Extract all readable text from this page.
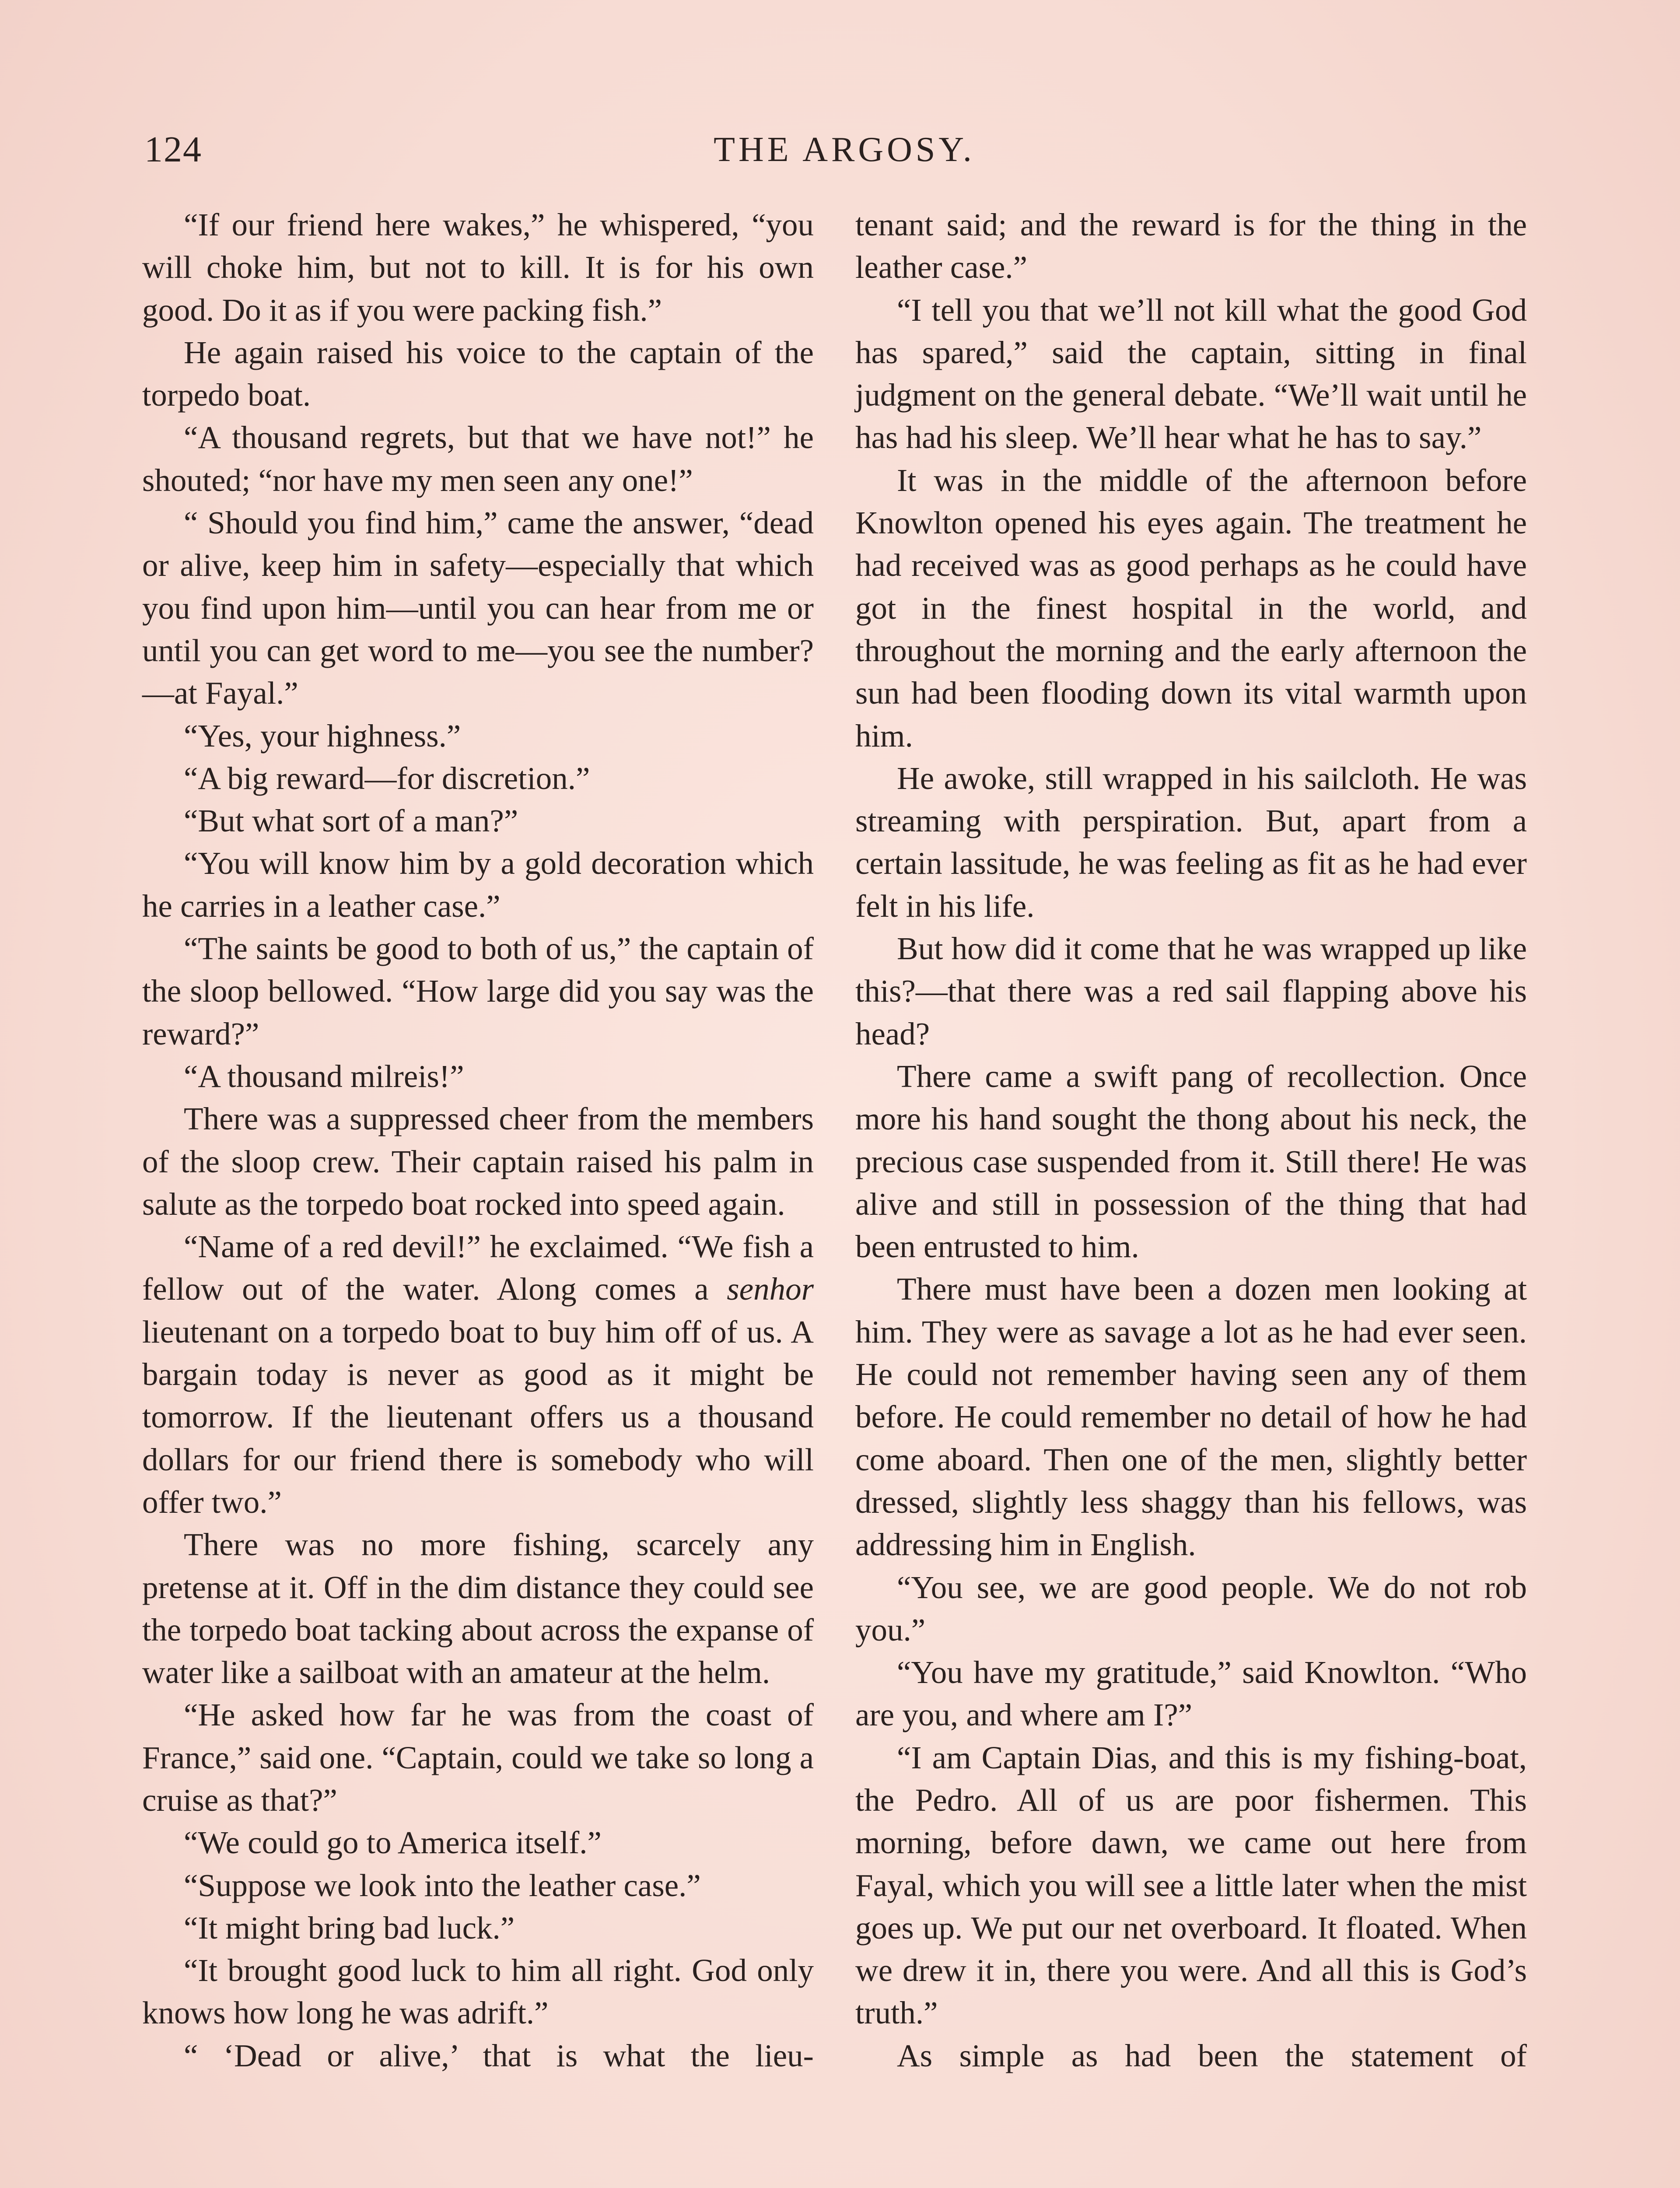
124	THE ARGOSY.

“If our friend here wakes,” he whispered, “you will choke him, but not to kill. It is for his own good. Do it as if you were packing fish.”

He again raised his voice to the captain of the torpedo boat.

“A thousand regrets, but that we have not!” he shouted; “nor have my men seen any one!”

“ Should you find him,” came the answer, “dead or alive, keep him in safety—especially that which you find upon him—until you can hear from me or until you can get word to me—you see the number?—at Fayal.”

“Yes, your highness.”

“A big reward—for discretion.”

“But what sort of a man?”

“You will know him by a gold decoration which he carries in a leather case.”

“The saints be good to both of us,” the captain of the sloop bellowed. “How large did you say was the reward?”

“A thousand milreis!”

There was a suppressed cheer from the members of the sloop crew. Their captain raised his palm in salute as the torpedo boat rocked into speed again.

“Name of a red devil!” he exclaimed. “We fish a fellow out of the water. Along comes a senhor lieutenant on a torpedo boat to buy him off of us. A bargain today is never as good as it might be tomorrow. If the lieutenant offers us a thousand dollars for our friend there is somebody who will offer two.”

There was no more fishing, scarcely any pretense at it. Off in the dim distance they could see the torpedo boat tacking about across the expanse of water like a sailboat with an amateur at the helm.

“He asked how far he was from the coast of France,” said one. “Captain, could we take so long a cruise as that?”

“We could go to America itself.”

“Suppose we look into the leather case.”

“It might bring bad luck.”

“It brought good luck to him all right. God only knows how long he was adrift.”

“ ‘Dead or alive,’ that is what the lieu-

tenant said; and the reward is for the thing in the leather case.”

“I tell you that we’ll not kill what the good God has spared,” said the captain, sitting in final judgment on the general debate. “We’ll wait until he has had his sleep. We’ll hear what he has to say.”

It was in the middle of the afternoon before Knowlton opened his eyes again. The treatment he had received was as good perhaps as he could have got in the finest hospital in the world, and throughout the morning and the early afternoon the sun had been flooding down its vital warmth upon him.

He awoke, still wrapped in his sailcloth. He was streaming with perspiration. But, apart from a certain lassitude, he was feeling as fit as he had ever felt in his life.

But how did it come that he was wrapped up like this?—that there was a red sail flapping above his head?

There came a swift pang of recollection. Once more his hand sought the thong about his neck, the precious case suspended from it. Still there! He was alive and still in possession of the thing that had been entrusted to him.

There must have been a dozen men looking at him. They were as savage a lot as he had ever seen. He could not remember having seen any of them before. He could remember no detail of how he had come aboard. Then one of the men, slightly better dressed, slightly less shaggy than his fellows, was addressing him in English.

“You see, we are good people. We do not rob you.”

“You have my gratitude,” said Knowlton. “Who are you, and where am I?”

“I am Captain Dias, and this is my fishing-boat, the Pedro. All of us are poor fishermen. This morning, before dawn, we came out here from Fayal, which you will see a little later when the mist goes up. We put our net overboard. It floated. When we drew it in, there you were. And all this is God’s truth.”

As simple as had been the statement of
